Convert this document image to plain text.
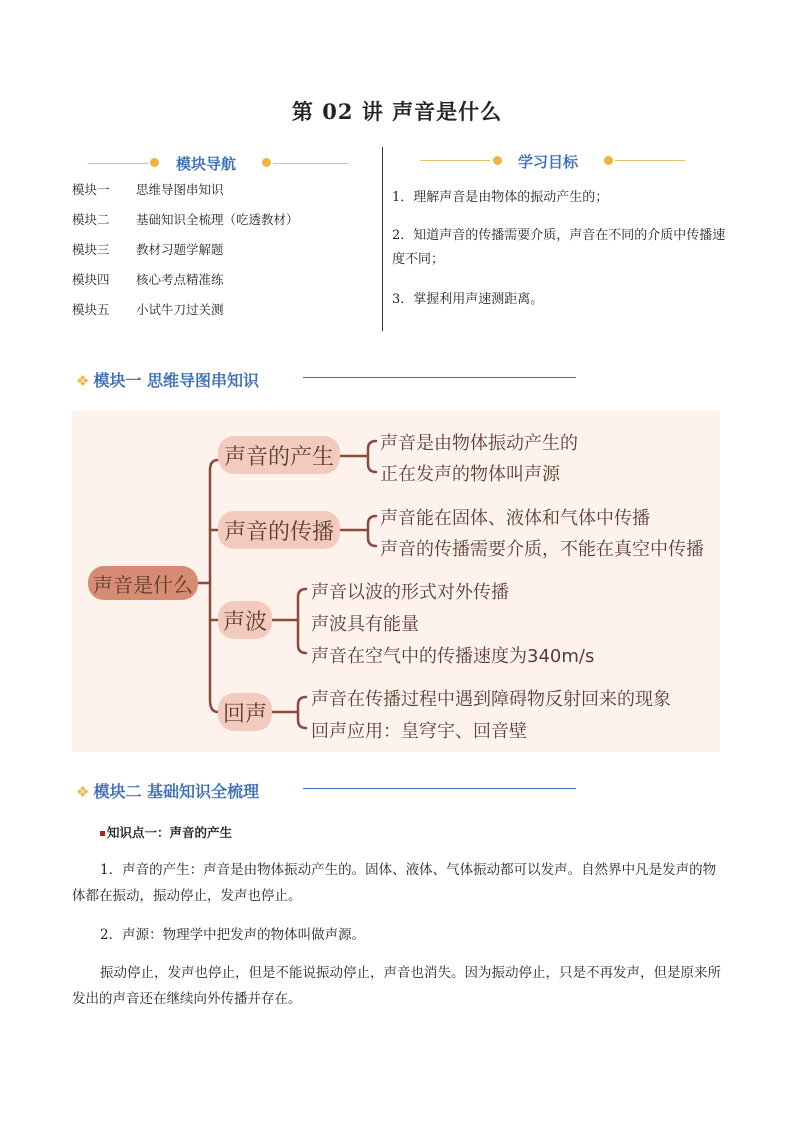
第 02 讲 声音是什么
模块导航
模块一 思维导图串知识
模块二 基础知识全梳理（吃透教材）
模块三 教材习题学解题
模块四 核心考点精准练
模块五 小试牛刀过关测
学习目标
1．理解声音是由物体的振动产生的；
2．知道声音的传播需要介质，声音在不同的介质中传播速度不同；
3．掌握利用声速测距离。
❖ 模块一 思维导图串知识
声音是什么
声音的产生
声音的传播
声波
回声
声音是由物体振动产生的
正在发声的物体叫声源
声音能在固体、液体和气体中传播
声音的传播需要介质，不能在真空中传播
声音以波的形式对外传播
声波具有能量
声音在空气中的传播速度为340m/s
声音在传播过程中遇到障碍物反射回来的现象
回声应用：皇穹宇、回音壁
❖ 模块二 基础知识全梳理
知识点一：声音的产生
1．声音的产生：声音是由物体振动产生的。固体、液体、气体振动都可以发声。自然界中凡是发声的物体都在振动，振动停止，发声也停止。
2．声源：物理学中把发声的物体叫做声源。
振动停止，发声也停止，但是不能说振动停止，声音也消失。因为振动停止，只是不再发声，但是原来所发出的声音还在继续向外传播并存在。
